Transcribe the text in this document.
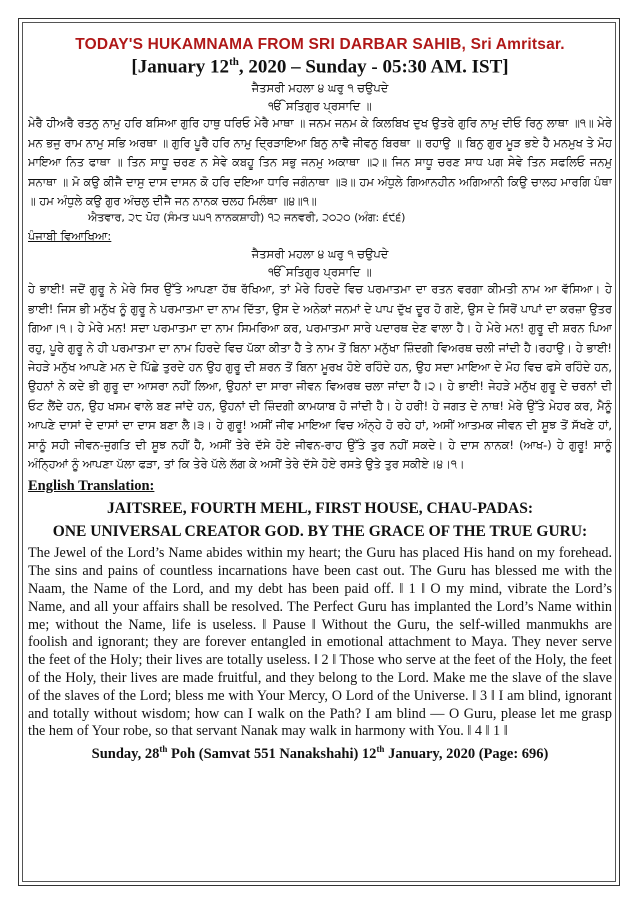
TODAY'S HUKAMNAMA FROM SRI DARBAR SAHIB, Sri Amritsar.
[January 12th, 2020 – Sunday - 05:30 AM. IST]
ਜੈਤਸਰੀ ਮਹਲਾ ੪ ਘਰੁ ੧ ਚਉਪਦੇ
ੴ ਸਤਿਗੁਰ ਪ੍ਰਸਾਦਿ ॥

ਮੇਰੈ ਹੀਅਰੈ ਰਤਨੁ ਨਾਮੁ ਹਰਿ ਬਸਿਆ ਗੁਰਿ ਹਾਥੁ ਧਰਿਓ ਮੇਰੈ ਮਾਥਾ ॥ ਜਨਮ ਜਨਮ ਕੇ ਕਿਲਬਿਖ ਦੁਖ ਉਤਰੇ ਗੁਰਿ ਨਾਮੁ ਦੀਓ ਰਿਨੁ ਲਾਥਾ ॥੧॥ ਮੇਰੇ ਮਨ ਭਜੁ ਰਾਮ ਨਾਮੁ ਸਭਿ ਅਰਥਾ ॥ ਗੁਰਿ ਪੂਰੈ ਹਰਿ ਨਾਮੁ ਦ੍ਰਿੜਾਇਆ ਬਿਨੁ ਨਾਵੈ ਜੀਵਨੁ ਬਿਰਥਾ ॥ ਰਹਾਉ ॥ ਬਿਨੁ ਗੁਰ ਮੂੜ ਭਏ ਹੈ ਮਨਮੁਖ ਤੇ ਮੋਹ ਮਾਇਆ ਨਿਤ ਫਾਥਾ ॥ ਤਿਨ ਸਾਧੂ ਚਰਣ ਨ ਸੇਵੇ ਕਬਹੂ ਤਿਨ ਸਭੁ ਜਨਮੁ ਅਕਾਥਾ ॥੨॥ ਜਿਨ ਸਾਧੂ ਚਰਣ ਸਾਧ ਪਗ ਸੇਵੇ ਤਿਨ ਸਫਲਿਓ ਜਨਮੁ ਸਨਾਥਾ ॥ ਮੋ ਕਉ ਕੀਜੈ ਦਾਸੁ ਦਾਸ ਦਾਸਨ ਕੋ ਹਰਿ ਦਇਆ ਧਾਰਿ ਜਗੰਨਾਥਾ ॥੩॥ ਹਮ ਅੰਧੁਲੇ ਗਿਆਨਹੀਨ ਅਗਿਆਨੀ ਕਿਉ ਚਾਲਹ ਮਾਰਗਿ ਪੰਥਾ ॥ ਹਮ ਅੰਧੁਲੇ ਕਉ ਗੁਰ ਅੰਚਲੁ ਦੀਜੈ ਜਨ ਨਾਨਕ ਚਲਹ ਮਿਲੰਥਾ ॥੪॥੧॥

ਐਤਵਾਰ, ੨੮ ਪੋਹ (ਸੰਮਤ ੫੫੧ ਨਾਨਕਸ਼ਾਹੀ) ੧੨ ਜਨਵਰੀ, ੨੦੨੦ (ਅੰਗ: ੬੯੬)
ਪੰਜਾਬੀ ਵਿਆਖਿਆ:
ਜੈਤਸਰੀ ਮਹਲਾ ੪ ਘਰੁ ੧ ਚਉਪਦੇ
ੴ ਸਤਿਗੁਰ ਪ੍ਰਸਾਦਿ ॥

ਹੇ ਭਾਈ! ਜਦੋਂ ਗੁਰੂ ਨੇ ਮੇਰੇ ਸਿਰ ਉੱਤੇ ਆਪਣਾ ਹੱਥ ਰੱਖਿਆ, ਤਾਂ ਮੇਰੇ ਹਿਰਦੇ ਵਿਚ ਪਰਮਾਤਮਾ ਦਾ ਰਤਨ ਵਰਗਾ ਕੀਮਤੀ ਨਾਮ ਆ ਵੱਸਿਆ। ਹੇ ਭਾਈ! ਜਿਸ ਭੀ ਮਨੁੱਖ ਨੂੰ ਗੁਰੂ ਨੇ ਪਰਮਾਤਮਾ ਦਾ ਨਾਮ ਦਿੱਤਾ, ਉਸ ਦੇ ਅਨੇਕਾਂ ਜਨਮਾਂ ਦੇ ਪਾਪ ਦੁੱਖ ਦੂਰ ਹੋ ਗਏ, ਉਸ ਦੇ ਸਿਰੋਂ ਪਾਪਾਂ ਦਾ ਕਰਜ਼ਾ ਉਤਰ ਗਿਆ।੧। ਹੇ ਮੇਰੇ ਮਨ! ਸਦਾ ਪਰਮਾਤਮਾ ਦਾ ਨਾਮ ਸਿਮਰਿਆ ਕਰ, ਪਰਮਾਤਮਾ ਸਾਰੇ ਪਦਾਰਥ ਦੇਣ ਵਾਲਾ ਹੈ। ਹੇ ਮੇਰੇ ਮਨ! ਗੁਰੂ ਦੀ ਸ਼ਰਨ ਪਿਆ ਰਹੁ, ਪੂਰੇ ਗੁਰੂ ਨੇ ਹੀ ਪਰਮਾਤਮਾ ਦਾ ਨਾਮ ਹਿਰਦੇ ਵਿਚ ਪੱਕਾ ਕੀਤਾ ਹੈ ਤੇ ਨਾਮ ਤੋਂ ਬਿਨਾ ਮਨੁੱਖਾ ਜ਼ਿੰਦਗੀ ਵਿਅਰਥ ਚਲੀ ਜਾਂਦੀ ਹੈ।ਰਹਾਉ। ਹੇ ਭਾਈ! ਜੇਹੜੇ ਮਨੁੱਖ ਆਪਣੇ ਮਨ ਦੇ ਪਿੱਛੇ ਤੁਰਦੇ ਹਨ ਉਹ ਗੁਰੂ ਦੀ ਸ਼ਰਨ ਤੋਂ ਬਿਨਾ ਮੂਰਖ ਹੋਏ ਰਹਿੰਦੇ ਹਨ, ਉਹ ਸਦਾ ਮਾਇਆ ਦੇ ਮੋਹ ਵਿਚ ਫਸੇ ਰਹਿੰਦੇ ਹਨ, ਉਹਨਾਂ ਨੇ ਕਦੇ ਭੀ ਗੁਰੂ ਦਾ ਆਸਰਾ ਨਹੀਂ ਲਿਆ, ਉਹਨਾਂ ਦਾ ਸਾਰਾ ਜੀਵਨ ਵਿਅਰਥ ਚਲਾ ਜਾਂਦਾ ਹੈ।੨। ਹੇ ਭਾਈ! ਜੇਹੜੇ ਮਨੁੱਖ ਗੁਰੂ ਦੇ ਚਰਨਾਂ ਦੀ ਓਟ ਲੈਂਦੇ ਹਨ, ਉਹ ਖਸਮ ਵਾਲੇ ਬਣ ਜਾਂਦੇ ਹਨ, ਉਹਨਾਂ ਦੀ ਜ਼ਿੰਦਗੀ ਕਾਮਯਾਬ ਹੋ ਜਾਂਦੀ ਹੈ। ਹੇ ਹਰੀ! ਹੇ ਜਗਤ ਦੇ ਨਾਥ! ਮੇਰੇ ਉੱਤੇ ਮੇਹਰ ਕਰ, ਮੈਨੂੰ ਆਪਣੇ ਦਾਸਾਂ ਦੇ ਦਾਸਾਂ ਦਾ ਦਾਸ ਬਣਾ ਲੈ।੩। ਹੇ ਗੁਰੂ! ਅਸੀਂ ਜੀਵ ਮਾਇਆ ਵਿਚ ਅੰਨ੍ਹੇ ਹੋ ਰਹੇ ਹਾਂ, ਅਸੀਂ ਆਤਮਕ ਜੀਵਨ ਦੀ ਸੂਝ ਤੋਂ ਸੱਖਣੇ ਹਾਂ, ਸਾਨੂੰ ਸਹੀ ਜੀਵਨ-ਜੁਗਤਿ ਦੀ ਸੂਝ ਨਹੀਂ ਹੈ, ਅਸੀਂ ਤੇਰੇ ਦੱਸੇ ਹੋਏ ਜੀਵਨ-ਰਾਹ ਉੱਤੇ ਤੁਰ ਨਹੀਂ ਸਕਦੇ। ਹੇ ਦਾਸ ਨਾਨਕ! (ਆਖ-) ਹੇ ਗੁਰੂ! ਸਾਨੂੰ ਅੰਨ੍ਹਿਆਂ ਨੂੰ ਆਪਣਾ ਪੱਲਾ ਫੜਾ, ਤਾਂ ਕਿ ਤੇਰੇ ਪੱਲੇ ਲੱਗ ਕੇ ਅਸੀਂ ਤੇਰੇ ਦੱਸੇ ਹੋਏ ਰਸਤੇ ਉਤੇ ਤੁਰ ਸਕੀਏ।੪।੧।

English Translation:
JAITSREE, FOURTH MEHL, FIRST HOUSE, CHAU-PADAS:
ONE UNIVERSAL CREATOR GOD. BY THE GRACE OF THE TRUE GURU:
The Jewel of the Lord’s Name abides within my heart; the Guru has placed His hand on my forehead. The sins and pains of countless incarnations have been cast out. The Guru has blessed me with the Naam, the Name of the Lord, and my debt has been paid off. ‖ 1 ‖ O my mind, vibrate the Lord’s Name, and all your affairs shall be resolved. The Perfect Guru has implanted the Lord’s Name within me; without the Name, life is useless. ‖ Pause ‖ Without the Guru, the self-willed manmukhs are foolish and ignorant; they are forever entangled in emotional attachment to Maya. They never serve the feet of the Holy; their lives are totally useless. ‖ 2 ‖ Those who serve at the feet of the Holy, the feet of the Holy, their lives are made fruitful, and they belong to the Lord. Make me the slave of the slave of the slaves of the Lord; bless me with Your Mercy, O Lord of the Universe. ‖ 3 ‖ I am blind, ignorant and totally without wisdom; how can I walk on the Path? I am blind — O Guru, please let me grasp the hem of Your robe, so that servant Nanak may walk in harmony with You. ‖ 4 ‖ 1 ‖
Sunday, 28th Poh (Samvat 551 Nanakshahi) 12th January, 2020 (Page: 696)
